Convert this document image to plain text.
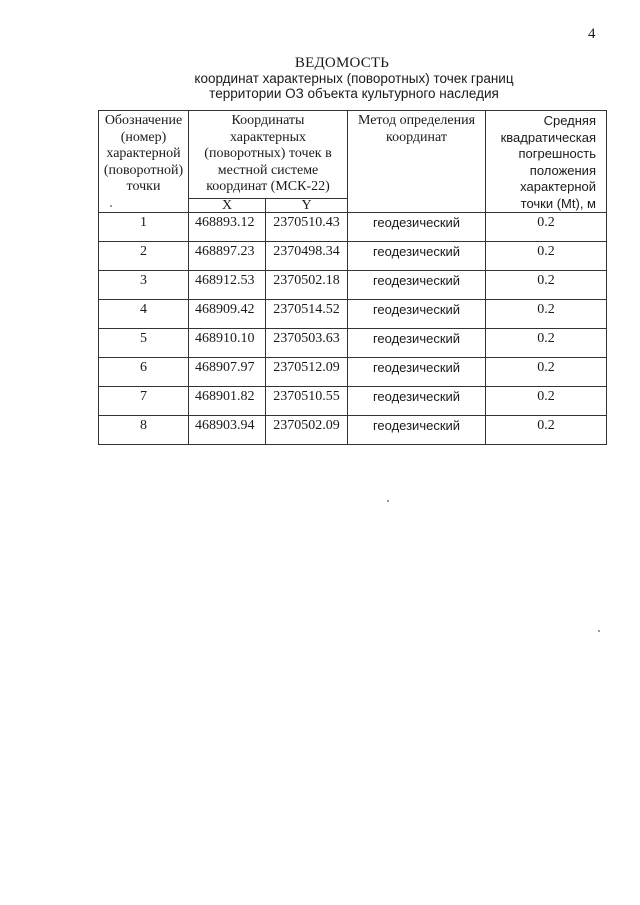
4
ВЕДОМОСТЬ
координат характерных (поворотных) точек границ
территории ОЗ объекта культурного наследия
Обозначение (номер) характерной (поворотной) точки	Координаты характерных (поворотных) точек в местной системе координат (МСК-22)		Метод определения координат	Средняя квадратическая погрешность положения характерной точки (Mt), м
	X	Y		
1	468893.12	2370510.43	геодезический	0.2
2	468897.23	2370498.34	геодезический	0.2
3	468912.53	2370502.18	геодезический	0.2
4	468909.42	2370514.52	геодезический	0.2
5	468910.10	2370503.63	геодезический	0.2
6	468907.97	2370512.09	геодезический	0.2
7	468901.82	2370510.55	геодезический	0.2
8	468903.94	2370502.09	геодезический	0.2
